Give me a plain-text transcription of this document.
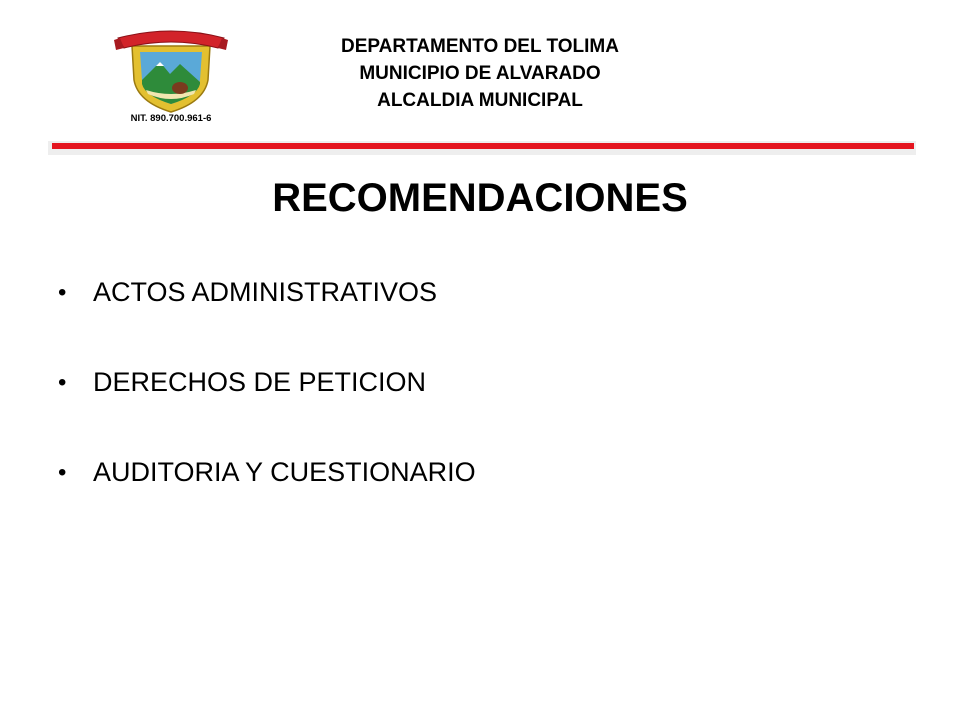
NIT. 890.700.961-6
DEPARTAMENTO DEL TOLIMA
MUNICIPIO DE ALVARADO
ALCALDIA MUNICIPAL
RECOMENDACIONES
• ACTOS ADMINISTRATIVOS
• DERECHOS DE PETICION
• AUDITORIA Y CUESTIONARIO
